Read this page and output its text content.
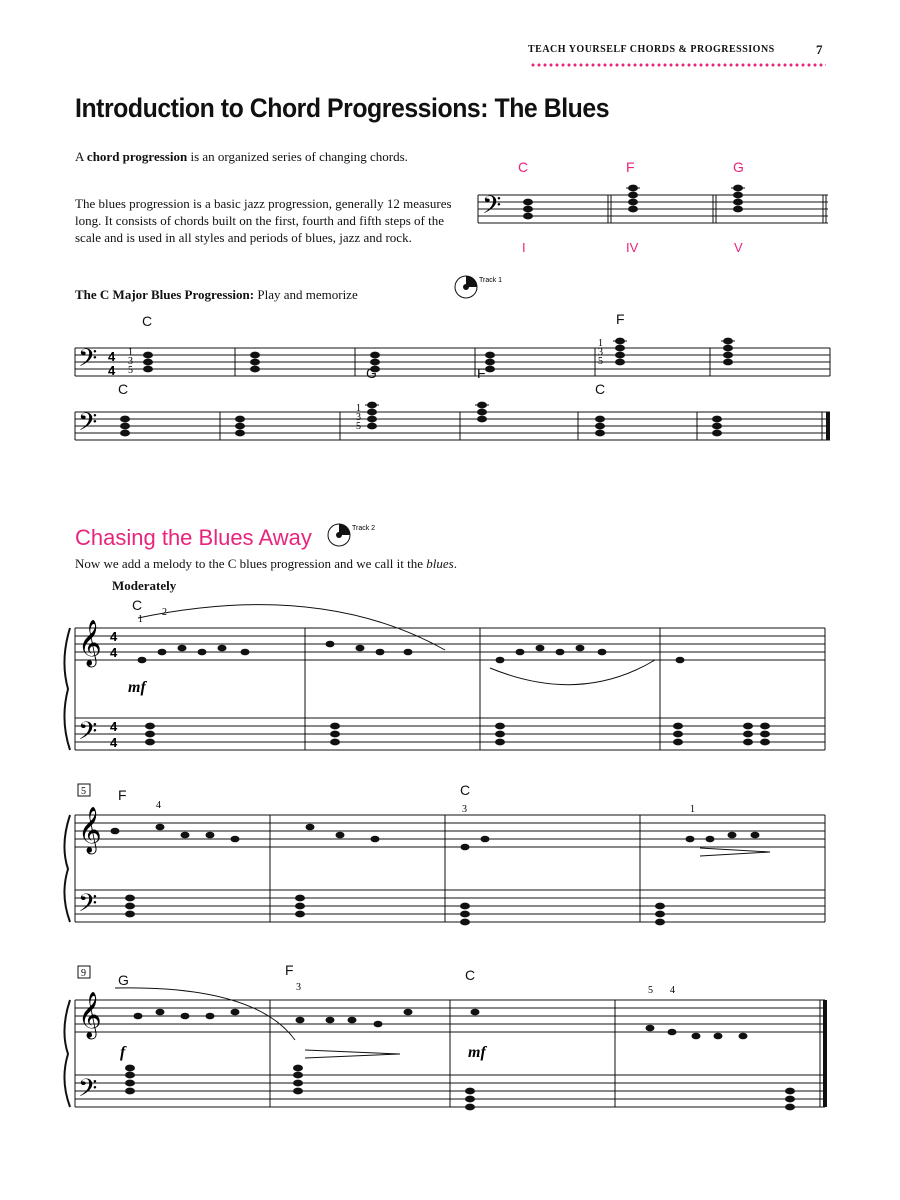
TEACH YOURSELF CHORDS & PROGRESSIONS	7
Introduction to Chord Progressions: The Blues
A chord progression is an organized series of changing chords.
The blues progression is a basic jazz progression, generally 12 measures long. It consists of chords built on the first, fourth and fifth steps of the scale and is used in all styles and periods of blues, jazz and rock.
The C Major Blues Progression: Play and memorize
𝄢
C	F	G
I	IV	V
Track 1
𝄢
𝄢
4
4
1
3
5
1
3
5
1
3
5
C	F
C
G	F
C
Chasing the Blues Away	Track 2
Now we add a melody to the C blues progression and we call it the blues.
Moderately
𝄞
𝄢
𝄞
𝄢
𝄞
𝄢
4
4
4
4
C
F	C
G
F	C
mf
f	mf
1
2
4	3	1
3	5 4
5
9
